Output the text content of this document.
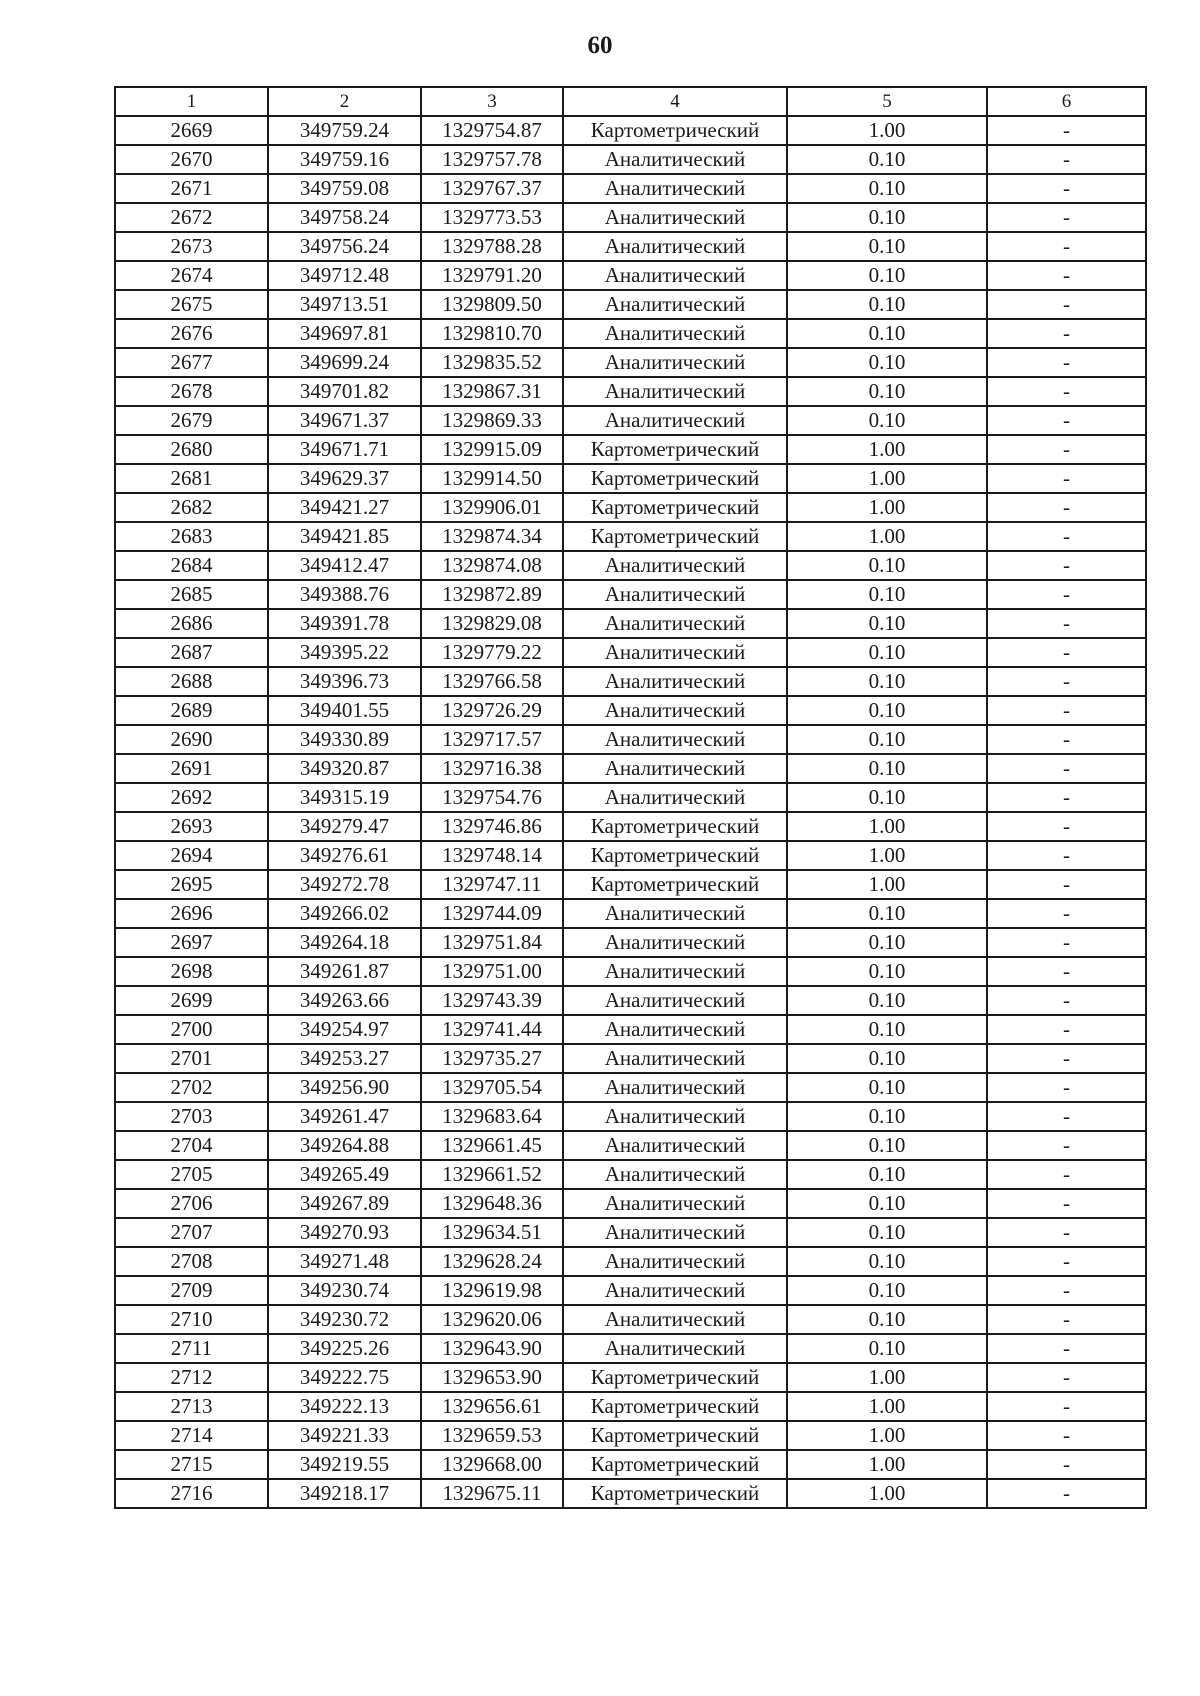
60
1	2	3	4	5	6
2669	349759.24	1329754.87	Картометрический	1.00	-
2670	349759.16	1329757.78	Аналитический	0.10	-
2671	349759.08	1329767.37	Аналитический	0.10	-
2672	349758.24	1329773.53	Аналитический	0.10	-
2673	349756.24	1329788.28	Аналитический	0.10	-
2674	349712.48	1329791.20	Аналитический	0.10	-
2675	349713.51	1329809.50	Аналитический	0.10	-
2676	349697.81	1329810.70	Аналитический	0.10	-
2677	349699.24	1329835.52	Аналитический	0.10	-
2678	349701.82	1329867.31	Аналитический	0.10	-
2679	349671.37	1329869.33	Аналитический	0.10	-
2680	349671.71	1329915.09	Картометрический	1.00	-
2681	349629.37	1329914.50	Картометрический	1.00	-
2682	349421.27	1329906.01	Картометрический	1.00	-
2683	349421.85	1329874.34	Картометрический	1.00	-
2684	349412.47	1329874.08	Аналитический	0.10	-
2685	349388.76	1329872.89	Аналитический	0.10	-
2686	349391.78	1329829.08	Аналитический	0.10	-
2687	349395.22	1329779.22	Аналитический	0.10	-
2688	349396.73	1329766.58	Аналитический	0.10	-
2689	349401.55	1329726.29	Аналитический	0.10	-
2690	349330.89	1329717.57	Аналитический	0.10	-
2691	349320.87	1329716.38	Аналитический	0.10	-
2692	349315.19	1329754.76	Аналитический	0.10	-
2693	349279.47	1329746.86	Картометрический	1.00	-
2694	349276.61	1329748.14	Картометрический	1.00	-
2695	349272.78	1329747.11	Картометрический	1.00	-
2696	349266.02	1329744.09	Аналитический	0.10	-
2697	349264.18	1329751.84	Аналитический	0.10	-
2698	349261.87	1329751.00	Аналитический	0.10	-
2699	349263.66	1329743.39	Аналитический	0.10	-
2700	349254.97	1329741.44	Аналитический	0.10	-
2701	349253.27	1329735.27	Аналитический	0.10	-
2702	349256.90	1329705.54	Аналитический	0.10	-
2703	349261.47	1329683.64	Аналитический	0.10	-
2704	349264.88	1329661.45	Аналитический	0.10	-
2705	349265.49	1329661.52	Аналитический	0.10	-
2706	349267.89	1329648.36	Аналитический	0.10	-
2707	349270.93	1329634.51	Аналитический	0.10	-
2708	349271.48	1329628.24	Аналитический	0.10	-
2709	349230.74	1329619.98	Аналитический	0.10	-
2710	349230.72	1329620.06	Аналитический	0.10	-
2711	349225.26	1329643.90	Аналитический	0.10	-
2712	349222.75	1329653.90	Картометрический	1.00	-
2713	349222.13	1329656.61	Картометрический	1.00	-
2714	349221.33	1329659.53	Картометрический	1.00	-
2715	349219.55	1329668.00	Картометрический	1.00	-
2716	349218.17	1329675.11	Картометрический	1.00	-
